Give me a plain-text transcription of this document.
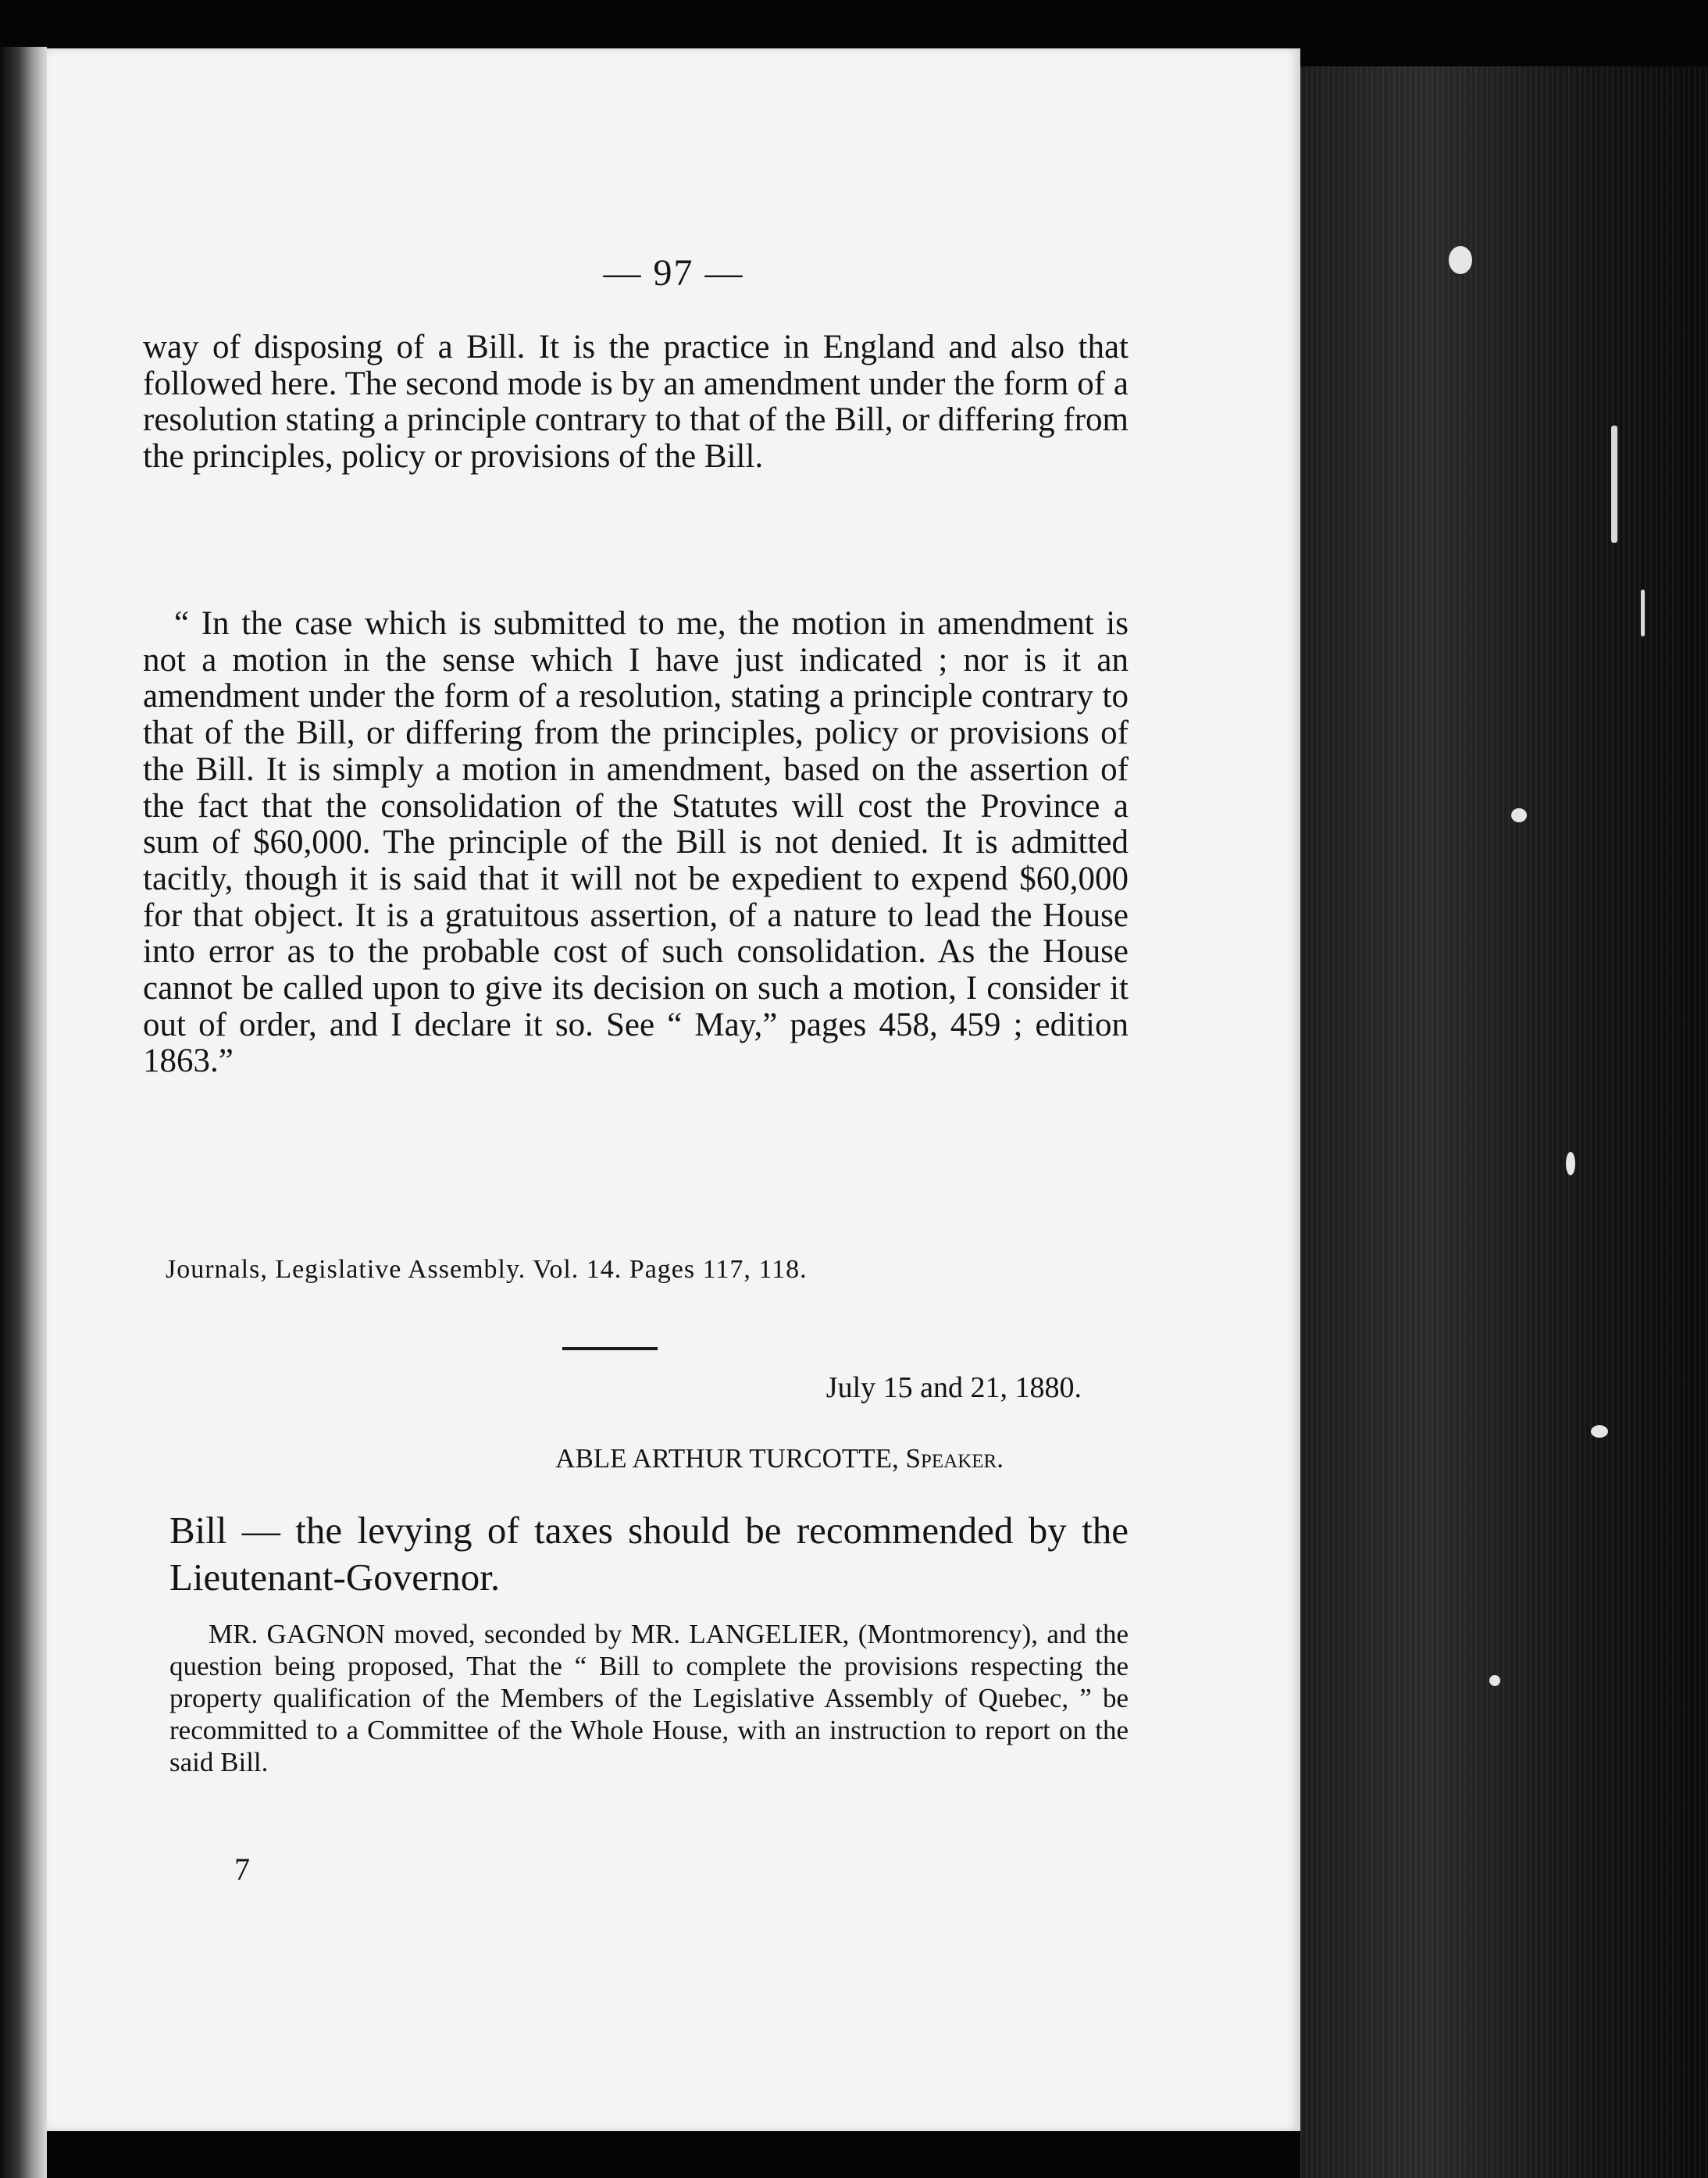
— 97 —

way of disposing of a Bill. It is the practice in England and also that followed here. The second mode is by an amendment under the form of a resolution stating a principle contrary to that of the Bill, or differing from the principles, policy or provisions of the Bill.

“ In the case which is submitted to me, the motion in amendment is not a motion in the sense which I have just indicated ; nor is it an amendment under the form of a resolution, stating a principle contrary to that of the Bill, or differing from the principles, policy or provisions of the Bill. It is simply a motion in amendment, based on the assertion of the fact that the consolidation of the Statutes will cost the Province a sum of $60,000. The principle of the Bill is not denied. It is admitted tacitly, though it is said that it will not be expedient to expend $60,000 for that object. It is a gratuitous assertion, of a nature to lead the House into error as to the probable cost of such consolidation. As the House cannot be called upon to give its decision on such a motion, I consider it out of order, and I declare it so. See “ May,” pages 458, 459 ; edition 1863.”

Journals, Legislative Assembly. Vol. 14. Pages 117, 118.
July 15 and 21, 1880.
ABLE ARTHUR TURCOTTE, Speaker.
Bill — the levying of taxes should be recommended by the Lieutenant-Governor.
MR. GAGNON moved, seconded by MR. LANGELIER, (Montmorency), and the question being proposed, That the “ Bill to complete the provisions respecting the property qualification of the Members of the Legislative Assembly of Quebec, ” be recommitted to a Committee of the Whole House, with an instruction to report on the said Bill.
7
